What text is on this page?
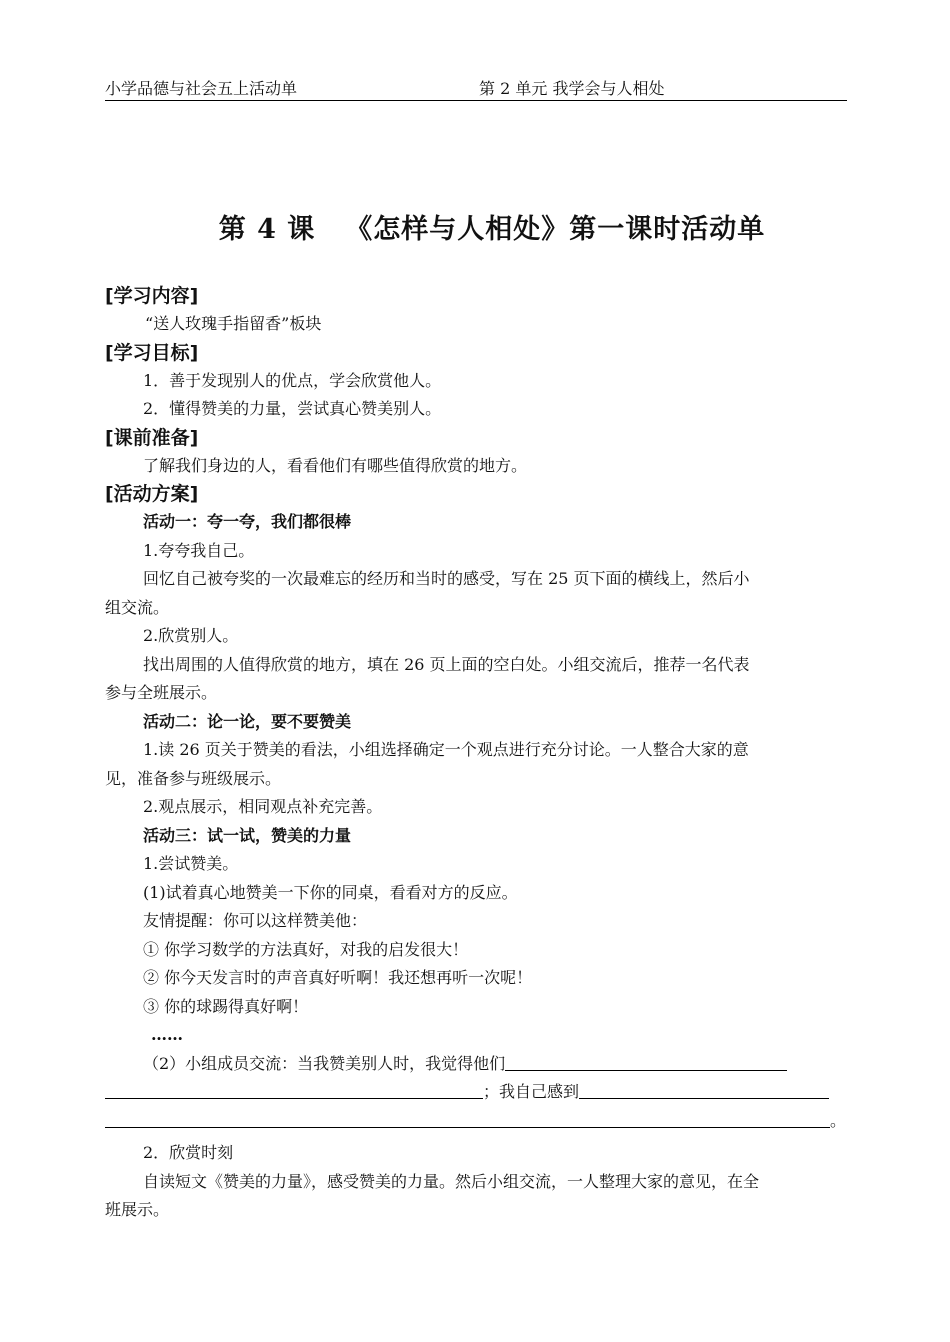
小学品德与社会五上活动单	第 2 单元 我学会与人相处
第 4 课 《怎样与人相处》第一课时活动单
[学习内容]
“送人玫瑰手指留香”板块
[学习目标]
1．善于发现别人的优点，学会欣赏他人。
2．懂得赞美的力量，尝试真心赞美别人。
[课前准备]
了解我们身边的人，看看他们有哪些值得欣赏的地方。
[活动方案]
活动一：夸一夸，我们都很棒
1.夸夸我自己。
回忆自己被夸奖的一次最难忘的经历和当时的感受，写在 25 页下面的横线上，然后小
组交流。
2.欣赏别人。
找出周围的人值得欣赏的地方，填在 26 页上面的空白处。小组交流后，推荐一名代表
参与全班展示。
活动二：论一论，要不要赞美
1.读 26 页关于赞美的看法，小组选择确定一个观点进行充分讨论。一人整合大家的意
见，准备参与班级展示。
2.观点展示，相同观点补充完善。
活动三：试一试，赞美的力量
1.尝试赞美。
(1)试着真心地赞美一下你的同桌，看看对方的反应。
友情提醒：你可以这样赞美他：
① 你学习数学的方法真好，对我的启发很大！
② 你今天发言时的声音真好听啊！我还想再听一次呢！
③ 你的球踢得真好啊！
……
（2）小组成员交流：当我赞美别人时，我觉得他们
；我自己感到
。
2．欣赏时刻
自读短文《赞美的力量》，感受赞美的力量。然后小组交流，一人整理大家的意见，在全
班展示。
